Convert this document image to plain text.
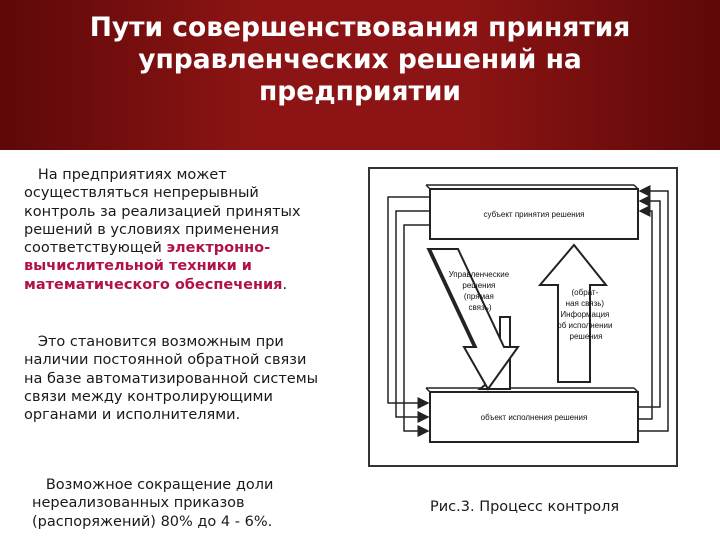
Пути совершенствования принятия
управленческих решений на
предприятии
На предприятиях может осуществляться непрерывный контроль за реализацией принятых решений в условиях применения соответствующей электронно-вычислительной техники и математического обеспечения.
Это становится возможным при наличии постоянной обратной связи на базе автоматизированной системы связи между контролирующими органами и исполнителями.
Возможное сокращение доли нереализованных приказов (распоряжений) 80% до 4 - 6%.
субъект принятия решения
объект исполнения решения
Управленческие решения (прямая связь)
(обрат- ная связь) Информация об исполнении решения
Рис.3. Процесс контроля
